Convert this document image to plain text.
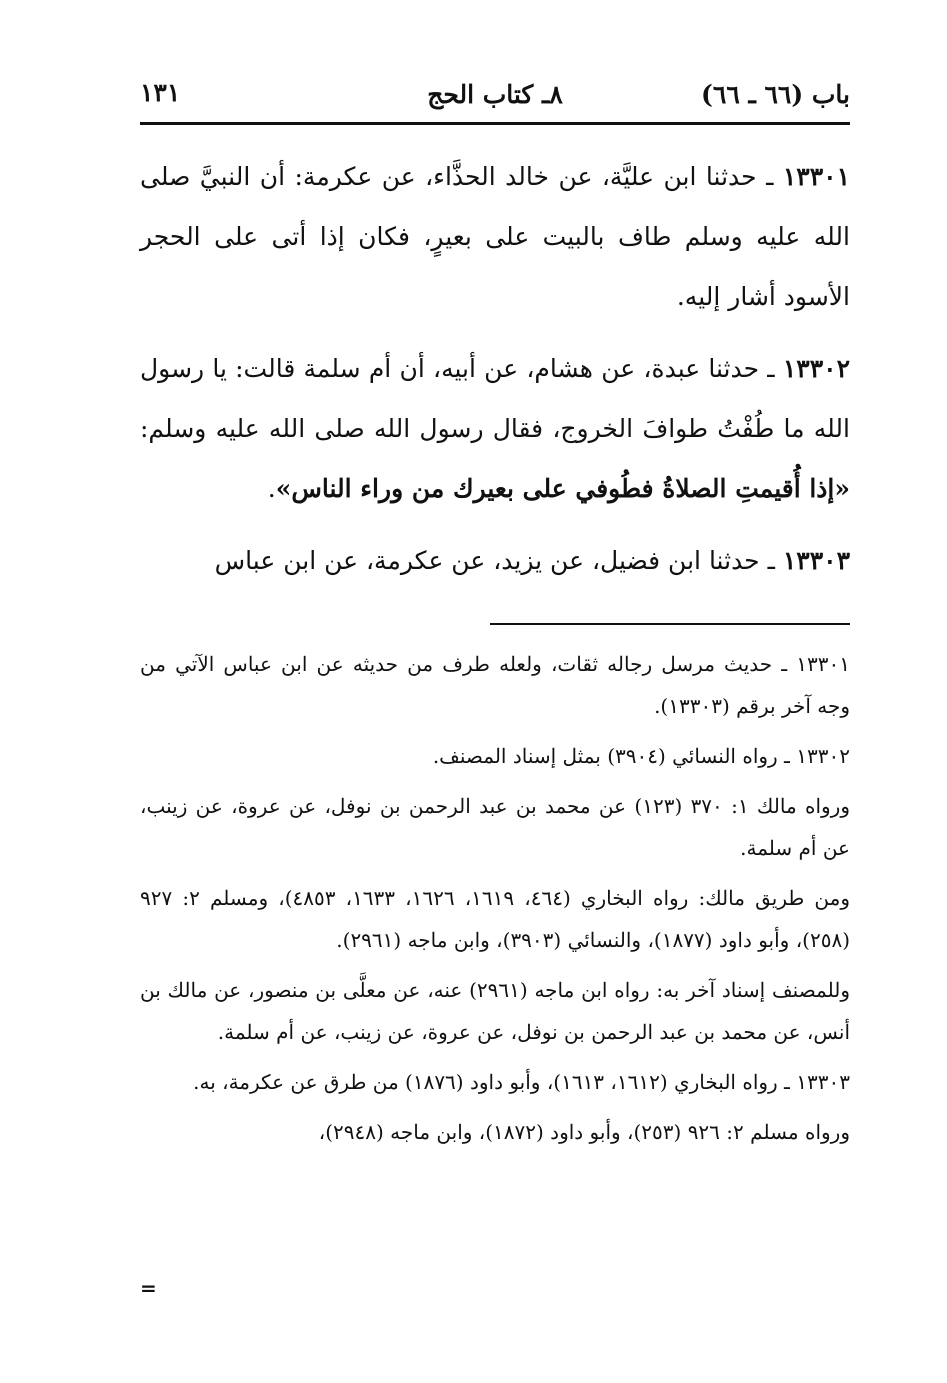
باب (٦٦ ـ ٦٦)
٨ـ كتاب الحج
١٣١

١٣٣٠١ ـ حدثنا ابن عليَّة، عن خالد الحذَّاء، عن عكرمة: أن النبيَّ صلى الله عليه وسلم طاف بالبيت على بعيرٍ، فكان إذا أتى على الحجر الأسود أشار إليه.

١٣٣٠٢ ـ حدثنا عبدة، عن هشام، عن أبيه، أن أم سلمة قالت: يا رسول الله ما طُفْتُ طوافَ الخروج، فقال رسول الله صلى الله عليه وسلم: «إذا أُقيمتِ الصلاةُ فطُوفي على بعيرك من وراء الناس».

١٣٣٠٣ ـ حدثنا ابن فضيل، عن يزيد، عن عكرمة، عن ابن عباس

١٣٣٠١ ـ حديث مرسل رجاله ثقات، ولعله طرف من حديثه عن ابن عباس الآتي من وجه آخر برقم (١٣٣٠٣).

١٣٣٠٢ ـ رواه النسائي (٣٩٠٤) بمثل إسناد المصنف.

ورواه مالك ١: ٣٧٠ (١٢٣) عن محمد بن عبد الرحمن بن نوفل، عن عروة، عن زينب، عن أم سلمة.

ومن طريق مالك: رواه البخاري (٤٦٤، ١٦١٩، ١٦٢٦، ١٦٣٣، ٤٨٥٣)، ومسلم ٢: ٩٢٧ (٢٥٨)، وأبو داود (١٨٧٧)، والنسائي (٣٩٠٣)، وابن ماجه (٢٩٦١).

وللمصنف إسناد آخر به: رواه ابن ماجه (٢٩٦١) عنه، عن معلَّى بن منصور، عن مالك بن أنس، عن محمد بن عبد الرحمن بن نوفل، عن عروة، عن زينب، عن أم سلمة.

١٣٣٠٣ ـ رواه البخاري (١٦١٢، ١٦١٣)، وأبو داود (١٨٧٦) من طرق عن عكرمة، به.

ورواه مسلم ٢: ٩٢٦ (٢٥٣)، وأبو داود (١٨٧٢)، وابن ماجه (٢٩٤٨)،

=
